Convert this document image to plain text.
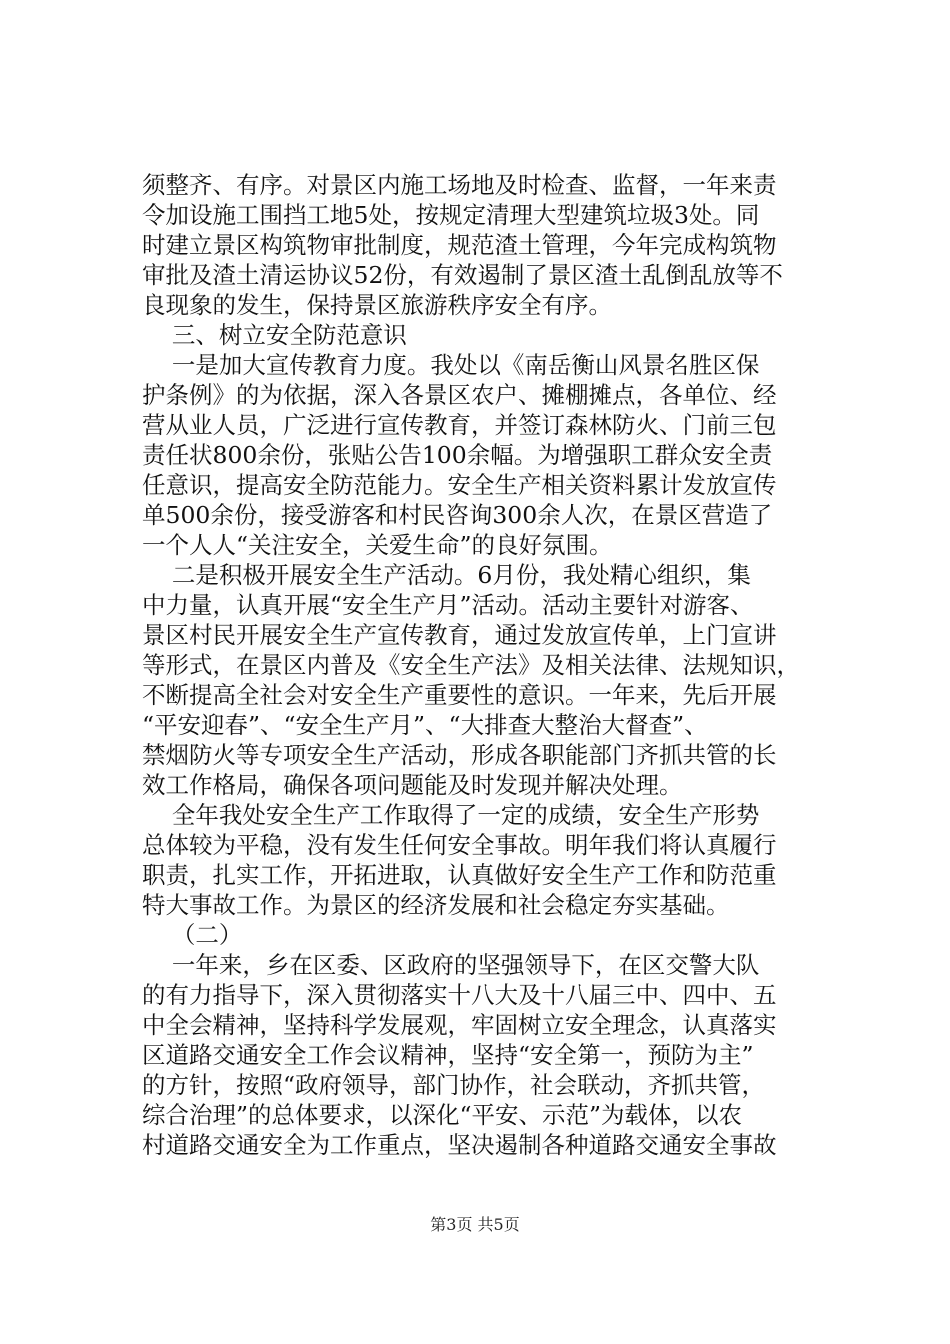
须整齐、有序。对景区内施工场地及时检查、监督，一年来责
令加设施工围挡工地5处，按规定清理大型建筑垃圾3处。同
时建立景区构筑物审批制度，规范渣土管理，今年完成构筑物
审批及渣土清运协议52份，有效遏制了景区渣土乱倒乱放等不
良现象的发生，保持景区旅游秩序安全有序。
三、树立安全防范意识
一是加大宣传教育力度。我处以《南岳衡山风景名胜区保
护条例》的为依据，深入各景区农户、摊棚摊点，各单位、经
营从业人员，广泛进行宣传教育，并签订森林防火、门前三包
责任状800余份，张贴公告100余幅。为增强职工群众安全责
任意识，提高安全防范能力。安全生产相关资料累计发放宣传
单500余份，接受游客和村民咨询300余人次，在景区营造了
一个人人“关注安全，关爱生命”的良好氛围。
二是积极开展安全生产活动。6月份，我处精心组织，集
中力量，认真开展“安全生产月”活动。活动主要针对游客、
景区村民开展安全生产宣传教育，通过发放宣传单，上门宣讲
等形式，在景区内普及《安全生产法》及相关法律、法规知识，
不断提高全社会对安全生产重要性的意识。一年来，先后开展
“平安迎春”、“安全生产月”、“大排查大整治大督查”、
禁烟防火等专项安全生产活动，形成各职能部门齐抓共管的长
效工作格局，确保各项问题能及时发现并解决处理。
全年我处安全生产工作取得了一定的成绩，安全生产形势
总体较为平稳，没有发生任何安全事故。明年我们将认真履行
职责，扎实工作，开拓进取，认真做好安全生产工作和防范重
特大事故工作。为景区的经济发展和社会稳定夯实基础。
（二）
一年来，乡在区委、区政府的坚强领导下，在区交警大队
的有力指导下，深入贯彻落实十八大及十八届三中、四中、五
中全会精神，坚持科学发展观，牢固树立安全理念，认真落实
区道路交通安全工作会议精神，坚持“安全第一，预防为主”
的方针，按照“政府领导，部门协作，社会联动，齐抓共管，
综合治理”的总体要求，以深化“平安、示范”为载体，以农
村道路交通安全为工作重点，坚决遏制各种道路交通安全事故
第3页 共5页
